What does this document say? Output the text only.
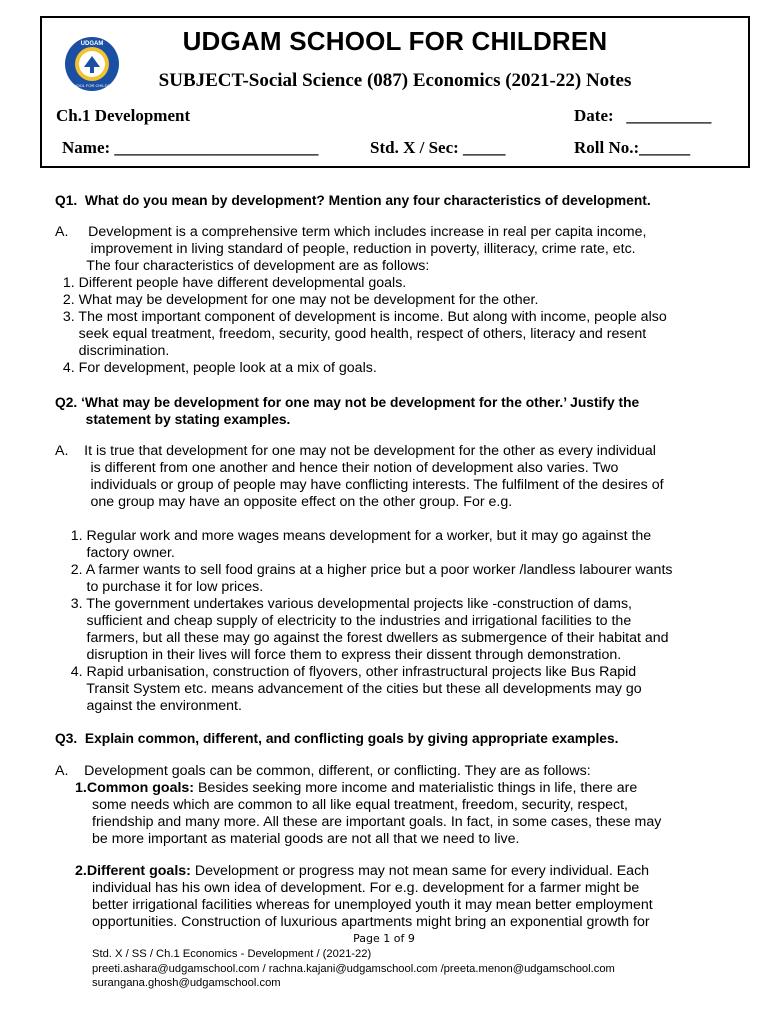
UDGAM
SCHOOL FOR CHILDREN
UDGAM SCHOOL FOR CHILDREN
SUBJECT-Social Science (087) Economics (2021-22) Notes
Ch.1 Development	Date:   __________
Name: ________________________	Std. X / Sec: _____	Roll No.:______
Q1.  What do you mean by development? Mention any four characteristics of development.
A.     Development is a comprehensive term which includes increase in real per capita income,
improvement in living standard of people, reduction in poverty, illiteracy, crime rate, etc.
The four characteristics of development are as follows:
1. Different people have different developmental goals.
2. What may be development for one may not be development for the other.
3. The most important component of development is income. But along with income, people also
seek equal treatment, freedom, security, good health, respect of others, literacy and resent
discrimination.
4. For development, people look at a mix of goals.
Q2. ‘What may be development for one may not be development for the other.’ Justify the
statement by stating examples.
A.    It is true that development for one may not be development for the other as every individual
is different from one another and hence their notion of development also varies. Two
individuals or group of people may have conflicting interests. The fulfilment of the desires of
one group may have an opposite effect on the other group. For e.g.
1. Regular work and more wages means development for a worker, but it may go against the
factory owner.
2. A farmer wants to sell food grains at a higher price but a poor worker /landless labourer wants
to purchase it for low prices.
3. The government undertakes various developmental projects like -construction of dams,
sufficient and cheap supply of electricity to the industries and irrigational facilities to the
farmers, but all these may go against the forest dwellers as submergence of their habitat and
disruption in their lives will force them to express their dissent through demonstration.
4. Rapid urbanisation, construction of flyovers, other infrastructural projects like Bus Rapid
Transit System etc. means advancement of the cities but these all developments may go
against the environment.
Q3.  Explain common, different, and conflicting goals by giving appropriate examples.
A.    Development goals can be common, different, or conflicting. They are as follows:
1.Common goals: Besides seeking more income and materialistic things in life, there are
some needs which are common to all like equal treatment, freedom, security, respect,
friendship and many more. All these are important goals. In fact, in some cases, these may
be more important as material goods are not all that we need to live.
2.Different goals: Development or progress may not mean same for every individual. Each
individual has his own idea of development. For e.g. development for a farmer might be
better irrigational facilities whereas for unemployed youth it may mean better employment
opportunities. Construction of luxurious apartments might bring an exponential growth for
Page 1 of 9
Std. X / SS / Ch.1 Economics - Development / (2021-22)
preeti.ashara@udgamschool.com / rachna.kajani@udgamschool.com /preeta.menon@udgamschool.com
surangana.ghosh@udgamschool.com
